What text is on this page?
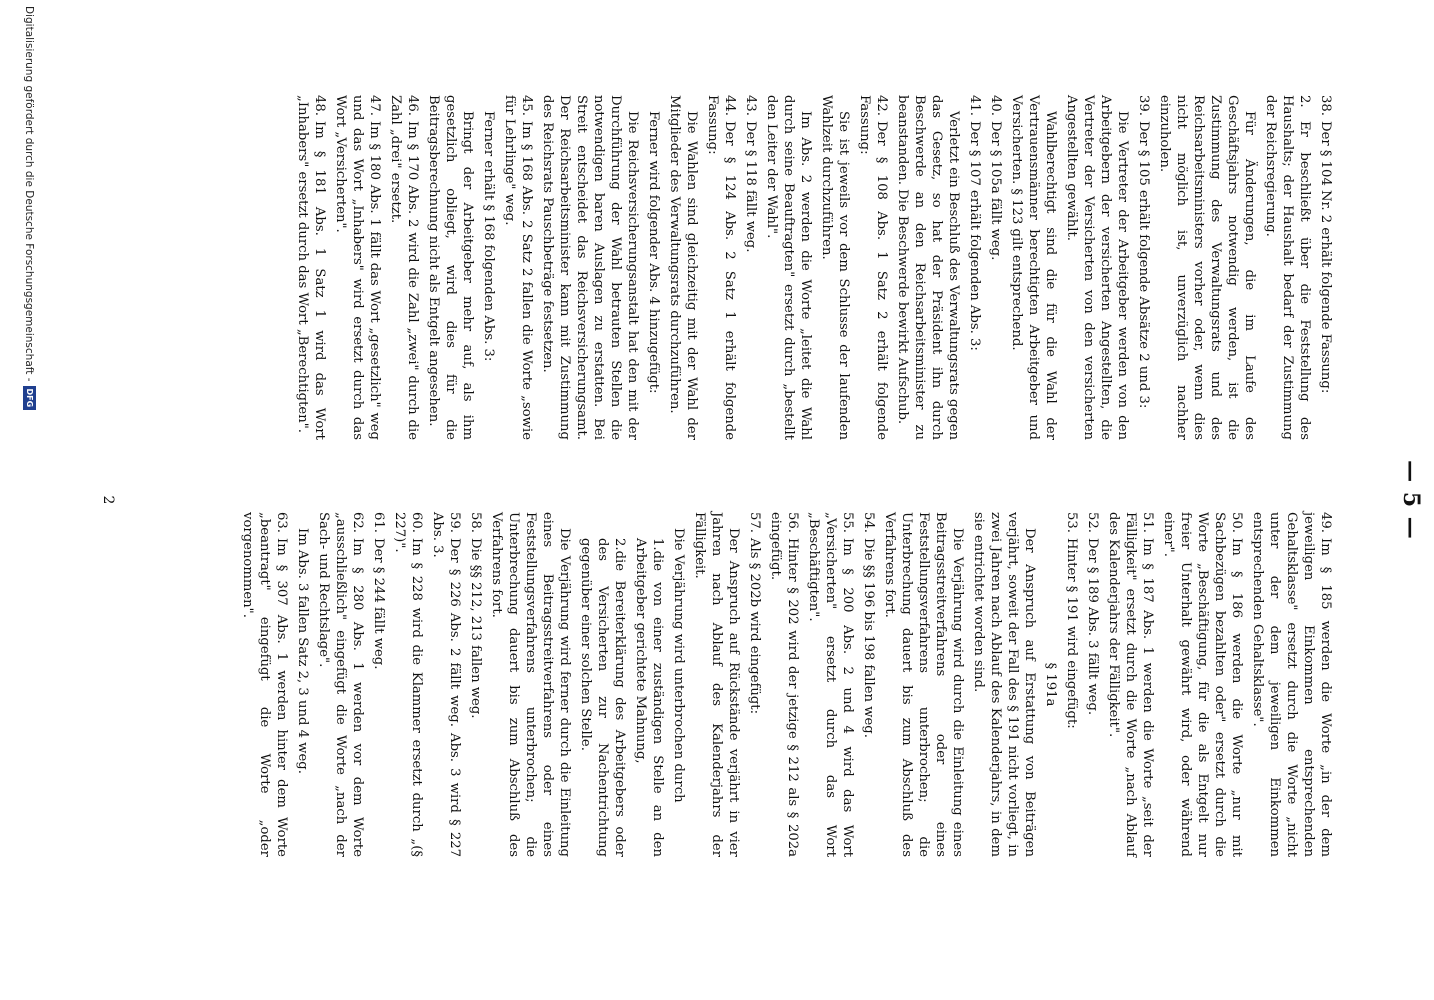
— 5 —
38.Der § 104 Nr. 2 erhält folgende Fassung:
2.Er beschließt über die Feststellung des Haushalts; der Haushalt bedarf der Zustimmung der Reichsregierung.
Für Änderungen, die im Laufe des Geschäftsjahrs notwendig werden, ist die Zustimmung des Verwaltungsrats und des Reichsarbeitsministers vorher oder, wenn dies nicht möglich ist, unverzüglich nachher einzuholen.
39.Der § 105 erhält folgende Absätze 2 und 3:
Die Vertreter der Arbeitgeber werden von den Arbeitgebern der versicherten Angestellten, die Vertreter der Versicherten von den versicherten Angestellten gewählt.
Wahlberechtigt sind die für die Wahl der Vertrauensmänner berechtigten Arbeitgeber und Versicherten. § 123 gilt entsprechend.
40.Der § 105a fällt weg.
41.Der § 107 erhält folgenden Abs. 3:
Verletzt ein Beschluß des Verwaltungsrats gegen das Gesetz, so hat der Präsident ihn durch Beschwerde an den Reichsarbeitsminister zu beanstanden. Die Beschwerde bewirkt Aufschub.
42.Der § 108 Abs. 1 Satz 2 erhält folgende Fassung:
Sie ist jeweils vor dem Schlusse der laufenden Wahlzeit durchzuführen.
Im Abs. 2 werden die Worte „leitet die Wahl durch seine Beauftragten" ersetzt durch „bestellt den Leiter der Wahl".
43.Der § 118 fällt weg.
44.Der § 124 Abs. 2 Satz 1 erhält folgende Fassung:
Die Wahlen sind gleichzeitig mit der Wahl der Mitglieder des Verwaltungsrats durchzuführen.
Ferner wird folgender Abs. 4 hinzugefügt:
Die Reichsversicherungsanstalt hat den mit der Durchführung der Wahl betrauten Stellen die notwendigen baren Auslagen zu erstatten. Bei Streit entscheidet das Reichsversicherungsamt. Der Reichsarbeitsminister kann mit Zustimmung des Reichsrats Pauschbeträge festsetzen.
45.Im § 168 Abs. 2 Satz 2 fallen die Worte „sowie für Lehrlinge" weg.
Ferner erhält § 168 folgenden Abs. 3:
Bringt der Arbeitgeber mehr auf, als ihm gesetzlich obliegt, wird dies für die Beitragsberechnung nicht als Entgelt angesehen.
46.Im § 170 Abs. 2 wird die Zahl „zwei" durch die Zahl „drei" ersetzt.
47.Im § 180 Abs. 1 fällt das Wort „gesetzlich" weg und das Wort „Inhabers" wird ersetzt durch das Wort „Versicherten".
48.Im § 181 Abs. 1 Satz 1 wird das Wort „Inhabers" ersetzt durch das Wort „Berechtigten".
49.Im § 185 werden die Worte „in der dem jeweiligen Einkommen entsprechenden Gehaltsklasse" ersetzt durch die Worte „nicht unter der dem jeweiligen Einkommen entsprechenden Gehaltsklasse".
50.Im § 186 werden die Worte „nur mit Sachbezügen bezahlten oder" ersetzt durch die Worte „Beschäftigung, für die als Entgelt nur freier Unterhalt gewährt wird, oder während einer".
51.Im § 187 Abs. 1 werden die Worte „seit der Fälligkeit" ersetzt durch die Worte „nach Ablauf des Kalenderjahrs der Fälligkeit".
52.Der § 189 Abs. 3 fällt weg.
53.Hinter § 191 wird eingefügt:
§ 191a
Der Anspruch auf Erstattung von Beiträgen verjährt, soweit der Fall des § 191 nicht vorliegt, in zwei Jahren nach Ablauf des Kalenderjahrs, in dem sie entrichtet worden sind.
Die Verjährung wird durch die Einleitung eines Beitragsstreitverfahrens oder eines Feststellungsverfahrens unterbrochen; die Unterbrechung dauert bis zum Abschluß des Verfahrens fort.
54.Die §§ 196 bis 198 fallen weg.
55.Im § 200 Abs. 2 und 4 wird das Wort „Versicherten" ersetzt durch das Wort „Beschäftigten".
56.Hinter § 202 wird der jetzige § 212 als § 202a eingefügt.
57.Als § 202b wird eingefügt:
Der Anspruch auf Rückstände verjährt in vier Jahren nach Ablauf des Kalenderjahrs der Fälligkeit.
Die Verjährung wird unterbrochen durch
1.die von einer zuständigen Stelle an den Arbeitgeber gerichtete Mahnung,
2.die Bereiterklärung des Arbeitgebers oder des Versicherten zur Nachentrichtung gegenüber einer solchen Stelle.
Die Verjährung wird ferner durch die Einleitung eines Beitragsstreitverfahrens oder eines Feststellungsverfahrens unterbrochen; die Unterbrechung dauert bis zum Abschluß des Verfahrens fort.
58.Die §§ 212, 213 fallen weg.
59.Der § 226 Abs. 2 fällt weg. Abs. 3 wird § 227 Abs. 3.
60.Im § 228 wird die Klammer ersetzt durch „(§ 227)".
61.Der § 244 fällt weg.
62.Im § 280 Abs. 1 werden vor dem Worte „ausschließlich" eingefügt die Worte „nach der Sach- und Rechtslage".
Im Abs. 3 fallen Satz 2, 3 und 4 weg.
63.Im § 307 Abs. 1 werden hinter dem Worte „beantragt" eingefügt die Worte „oder vorgenommen".
2
Digitalisierung gefördert durch die Deutsche Forschungsgemeinschaft -
DFG
